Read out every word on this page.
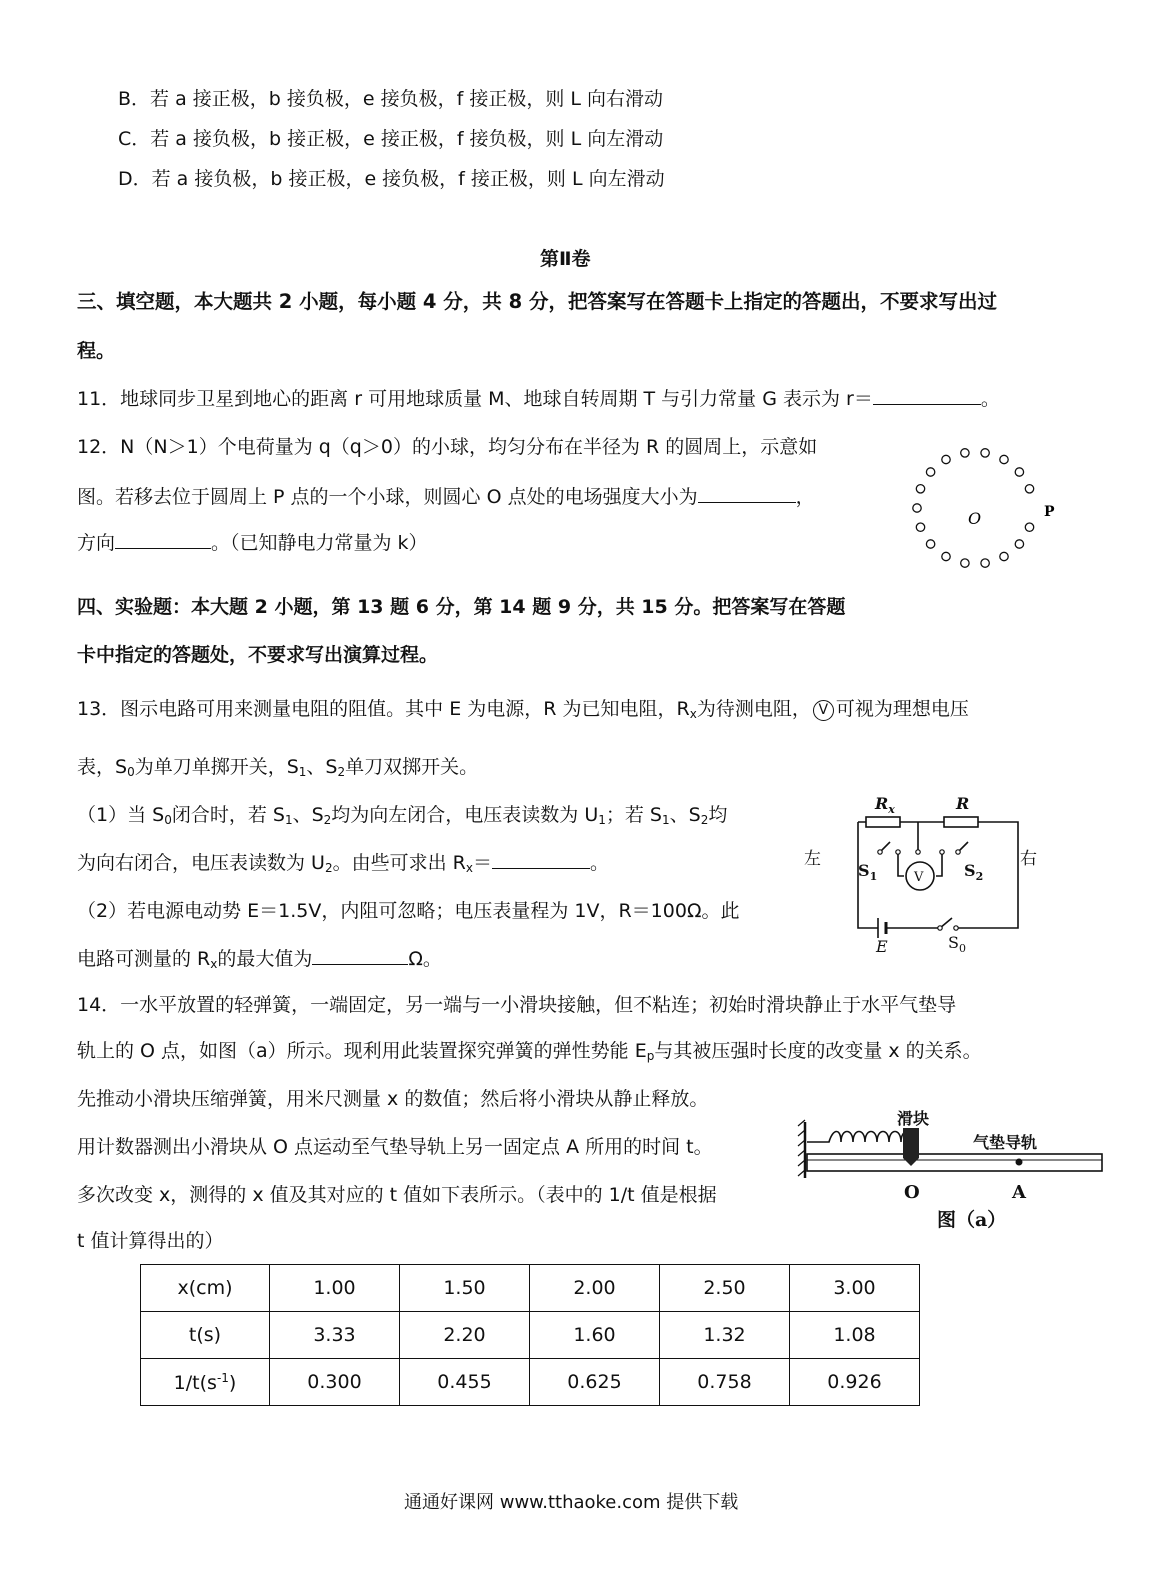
B．若 a 接正极，b 接负极，e 接负极，f 接正极，则 L 向右滑动
C．若 a 接负极，b 接正极，e 接正极，f 接负极，则 L 向左滑动
D．若 a 接负极，b 接正极，e 接负极，f 接正极，则 L 向左滑动
第Ⅱ卷
三、填空题，本大题共 2 小题，每小题 4 分，共 8 分，把答案写在答题卡上指定的答题出，不要求写出过
程。
11．地球同步卫星到地心的距离 r 可用地球质量 M、地球自转周期 T 与引力常量 G 表示为 r＝	。
12．N（N＞1）个电荷量为 q（q＞0）的小球，均匀分布在半径为 R 的圆周上，示意如
图。若移去位于圆周上 P 点的一个小球，则圆心 O 点处的电场强度大小为	，
方向	。（已知静电力常量为 k）
O	P
四、实验题：本大题 2 小题，第 13 题 6 分，第 14 题 9 分，共 15 分。把答案写在答题
卡中指定的答题处，不要求写出演算过程。
13．图示电路可用来测量电阻的阻值。其中 E 为电源，R 为已知电阻，$R_x$为待测电阻， V 可视为理想电压
表，$S_0$为单刀单掷开关，$S_1$、$S_2$单刀双掷开关。
（1）当 $S_0$闭合时，若 $S_1$、$S_2$均为向左闭合，电压表读数为 $U_1$；若 $S_1$、$S_2$均
为向右闭合，电压表读数为 $U_2$。由些可求出 $R_x=$	。
（2）若电源电动势 E＝1.5V，内阻可忽略；电压表量程为 1V，R＝100Ω。此
电路可测量的 $R_x$的最大值为	Ω。
$R_x$	R
左	右
$S_1$	$S_2$
V
E	$S_0$
14．一水平放置的轻弹簧，一端固定，另一端与一小滑块接触，但不粘连；初始时滑块静止于水平气垫导
轨上的 O 点，如图（a）所示。现利用此装置探究弹簧的弹性势能 $E_p$与其被压强时长度的改变量 x 的关系。
先推动小滑块压缩弹簧，用米尺测量 x 的数值；然后将小滑块从静止释放。
用计数器测出小滑块从 O 点运动至气垫导轨上另一固定点 A 所用的时间 t。
多次改变 x，测得的 x 值及其对应的 t 值如下表所示。（表中的 1/t 值是根据
t 值计算得出的）
滑块
气垫导轨
O	A
图（a）
x(cm)	1.00	1.50	2.00	2.50	3.00
t(s)	3.33	2.20	1.60	1.32	1.08
$1/t(s^{-1})$	0.300	0.455	0.625	0.758	0.926
通通好课网 www.tthaoke.com 提供下载
